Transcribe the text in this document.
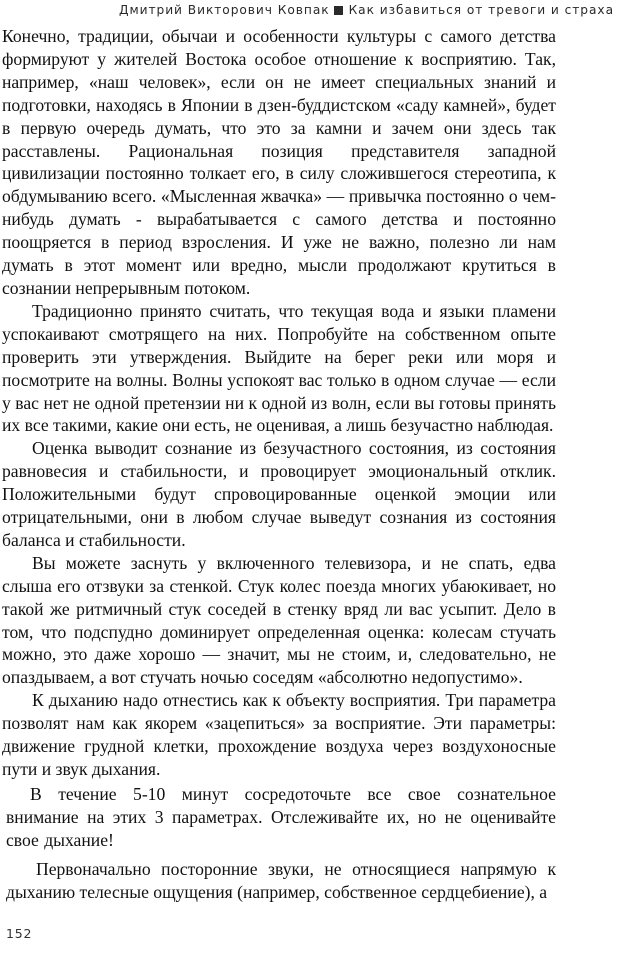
Дмитрий Викторович Ковпак Как избавиться от тревоги и страха

Конечно, традиции, обычаи и особенности культуры с самого детства формируют у жителей Востока особое отношение к восприятию. Так, например, «наш человек», если он не имеет специальных знаний и подготовки, находясь в Японии в дзен-буддистском «саду камней», будет в первую очередь думать, что это за камни и зачем они здесь так расставлены. Рациональная позиция представителя западной цивилизации постоянно толкает его, в силу сложившегося стереотипа, к обдумыванию всего. «Мысленная жвачка» — привычка постоянно о чем-нибудь думать - вырабатывается с самого детства и постоянно поощряется в период взросления. И уже не важно, полезно ли нам думать в этот момент или вредно, мысли продолжают крутиться в сознании непрерывным потоком.

Традиционно принято считать, что текущая вода и языки пламени успокаивают смотрящего на них. Попробуйте на собственном опыте проверить эти утверждения. Выйдите на берег реки или моря и посмотрите на волны. Волны успокоят вас только в одном случае — если у вас нет не одной претензии ни к одной из волн, если вы готовы принять их все такими, какие они есть, не оценивая, а лишь безучастно наблюдая.

Оценка выводит сознание из безучастного состояния, из состояния равновесия и стабильности, и провоцирует эмоциональный отклик. Положительными будут спровоцированные оценкой эмоции или отрицательными, они в любом случае выведут сознания из состояния баланса и стабильности.

Вы можете заснуть у включенного телевизора, и не спать, едва слыша его отзвуки за стенкой. Стук колес поезда многих убаюкивает, но такой же ритмичный стук соседей в стенку вряд ли вас усыпит. Дело в том, что подспудно доминирует определенная оценка: колесам стучать можно, это даже хорошо — значит, мы не стоим, и, следовательно, не опаздываем, а вот стучать ночью соседям «абсолютно недопустимо».

К дыханию надо отнестись как к объекту восприятия. Три параметра позволят нам как якорем «зацепиться» за восприятие. Эти параметры: движение грудной клетки, прохождение воздуха через воздухоносные пути и звук дыхания.

В течение 5-10 минут сосредоточьте все свое сознательное внимание на этих 3 параметрах. Отслеживайте их, но не оценивайте свое дыхание!

Первоначально посторонние звуки, не относящиеся напрямую к дыханию телесные ощущения (например, собственное сердцебиение), а

152
